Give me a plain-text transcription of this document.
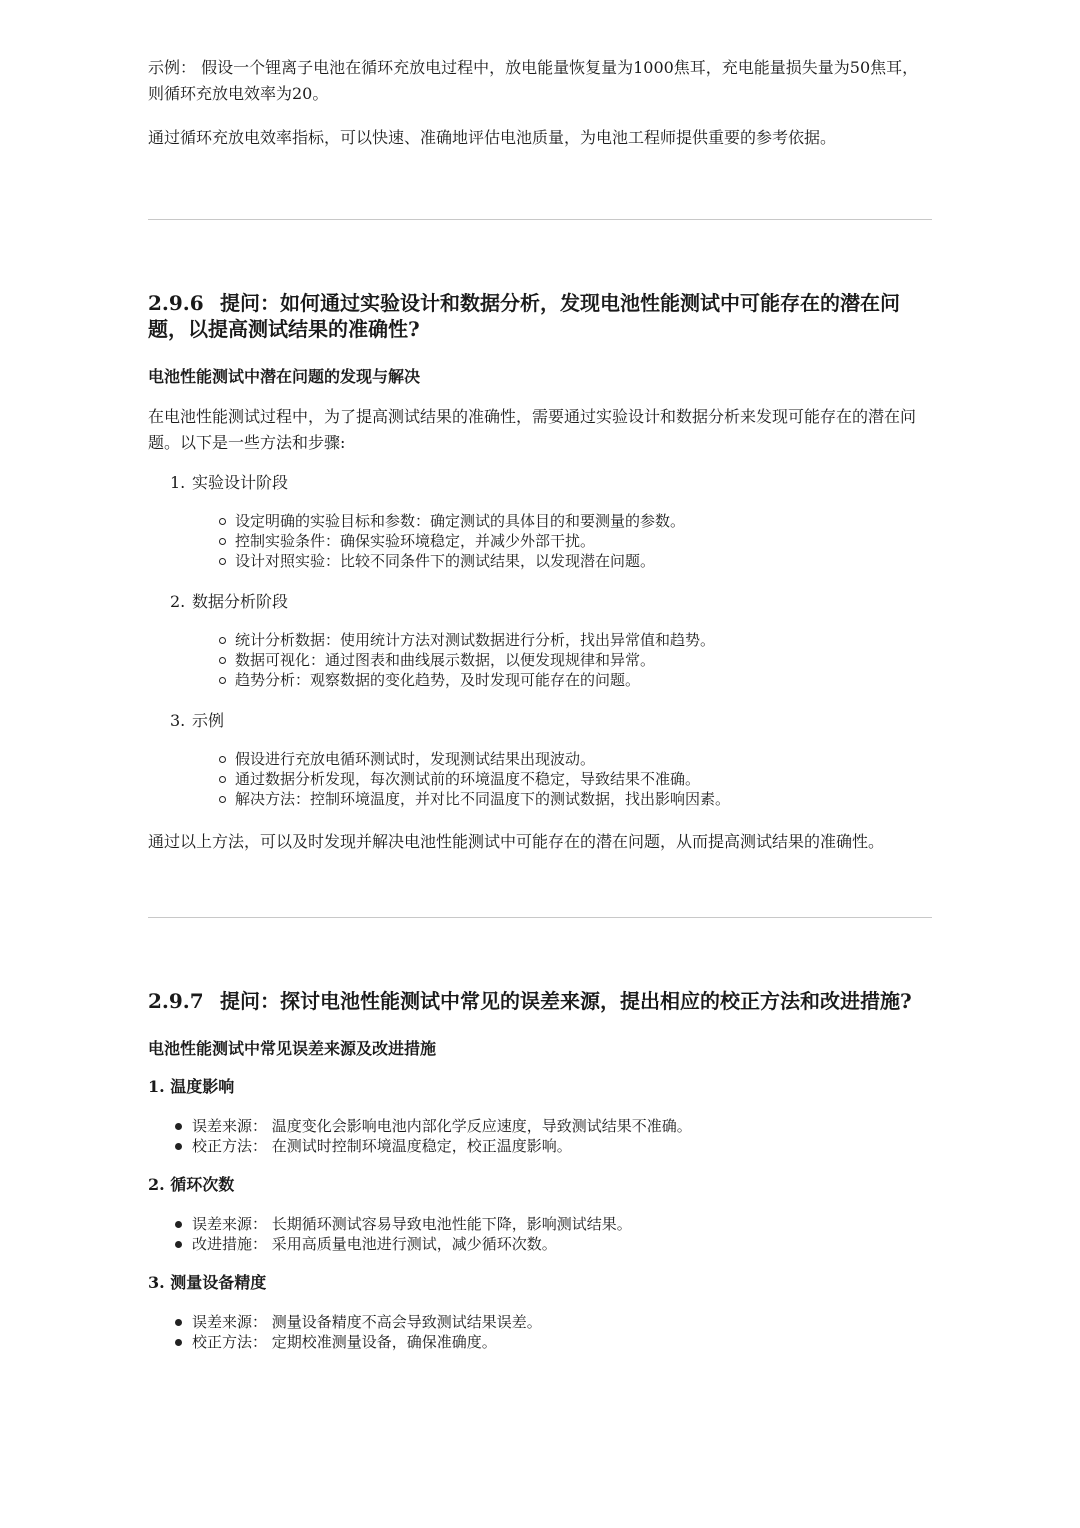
示例： 假设一个锂离子电池在循环充放电过程中，放电能量恢复量为1000焦耳，充电能量损失量为50焦耳，则循环充放电效率为20。

通过循环充放电效率指标，可以快速、准确地评估电池质量，为电池工程师提供重要的参考依据。

2.9.6 提问：如何通过实验设计和数据分析，发现电池性能测试中可能存在的潜在问题，以提高测试结果的准确性?
电池性能测试中潜在问题的发现与解决

在电池性能测试过程中，为了提高测试结果的准确性，需要通过实验设计和数据分析来发现可能存在的潜在问题。以下是一些方法和步骤:

1. 实验设计阶段
设定明确的实验目标和参数：确定测试的具体目的和要测量的参数。
控制实验条件：确保实验环境稳定，并减少外部干扰。
设计对照实验：比较不同条件下的测试结果，以发现潜在问题。
2. 数据分析阶段
统计分析数据：使用统计方法对测试数据进行分析，找出异常值和趋势。
数据可视化：通过图表和曲线展示数据，以便发现规律和异常。
趋势分析：观察数据的变化趋势，及时发现可能存在的问题。
3. 示例
假设进行充放电循环测试时，发现测试结果出现波动。
通过数据分析发现，每次测试前的环境温度不稳定，导致结果不准确。
解决方法：控制环境温度，并对比不同温度下的测试数据，找出影响因素。

通过以上方法，可以及时发现并解决电池性能测试中可能存在的潜在问题，从而提高测试结果的准确性。

2.9.7 提问：探讨电池性能测试中常见的误差来源，提出相应的校正方法和改进措施?
电池性能测试中常见误差来源及改进措施
1. 温度影响
误差来源： 温度变化会影响电池内部化学反应速度，导致测试结果不准确。
校正方法： 在测试时控制环境温度稳定，校正温度影响。
2. 循环次数
误差来源： 长期循环测试容易导致电池性能下降，影响测试结果。
改进措施： 采用高质量电池进行测试，减少循环次数。
3. 测量设备精度
误差来源： 测量设备精度不高会导致测试结果误差。
校正方法： 定期校准测量设备，确保准确度。
